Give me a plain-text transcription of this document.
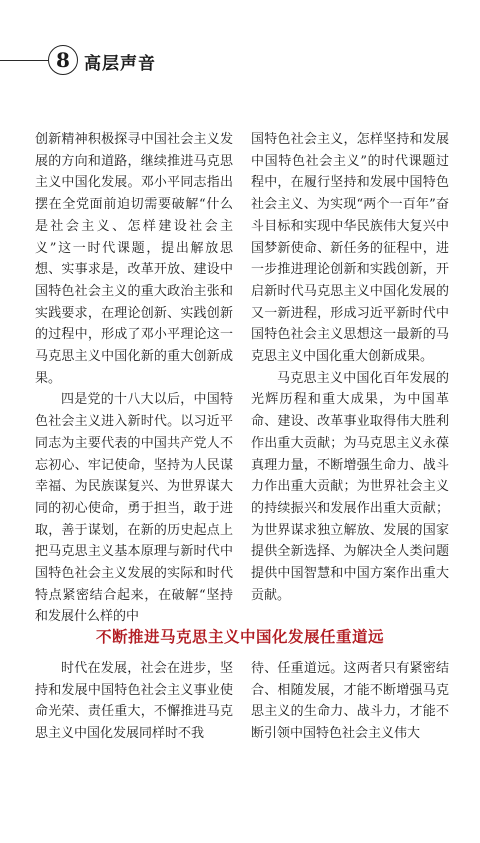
8 高层声音

创新精神积极探寻中国社会主义发展的方向和道路，继续推进马克思主义中国化发展。邓小平同志指出摆在全党面前迫切需要破解“什么是社会主义、怎样建设社会主义”这一时代课题，提出解放思想、实事求是，改革开放、建设中国特色社会主义的重大政治主张和实践要求，在理论创新、实践创新的过程中，形成了邓小平理论这一马克思主义中国化新的重大创新成果。

四是党的十八大以后，中国特色社会主义进入新时代。以习近平同志为主要代表的中国共产党人不忘初心、牢记使命，坚持为人民谋幸福、为民族谋复兴、为世界谋大同的初心使命，勇于担当，敢于进取，善于谋划，在新的历史起点上把马克思主义基本原理与新时代中国特色社会主义发展的实际和时代特点紧密结合起来，在破解“坚持和发展什么样的中

国特色社会主义，怎样坚持和发展中国特色社会主义”的时代课题过程中，在履行坚持和发展中国特色社会主义、为实现“两个一百年”奋斗目标和实现中华民族伟大复兴中国梦新使命、新任务的征程中，进一步推进理论创新和实践创新，开启新时代马克思主义中国化发展的又一新进程，形成习近平新时代中国特色社会主义思想这一最新的马克思主义中国化重大创新成果。

马克思主义中国化百年发展的光辉历程和重大成果，为中国革命、建设、改革事业取得伟大胜利作出重大贡献；为马克思主义永葆真理力量，不断增强生命力、战斗力作出重大贡献；为世界社会主义的持续振兴和发展作出重大贡献；为世界谋求独立解放、发展的国家提供全新选择、为解决全人类问题提供中国智慧和中国方案作出重大贡献。

不断推进马克思主义中国化发展任重道远

时代在发展，社会在进步，坚持和发展中国特色社会主义事业使命光荣、责任重大，不懈推进马克思主义中国化发展同样时不我

待、任重道远。这两者只有紧密结合、相随发展，才能不断增强马克思主义的生命力、战斗力，才能不断引领中国特色社会主义伟大
